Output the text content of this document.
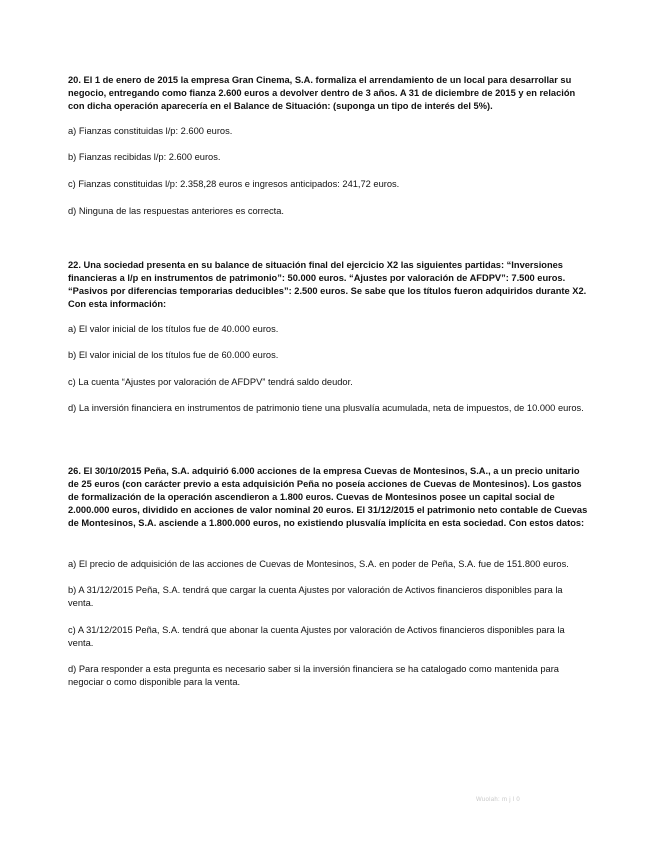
20. El 1 de enero de 2015 la empresa Gran Cinema, S.A. formaliza el arrendamiento de un local para desarrollar su negocio, entregando como fianza 2.600 euros a devolver dentro de 3 años. A 31 de diciembre de 2015 y en relación con dicha operación aparecería en el Balance de Situación: (suponga un tipo de interés del 5%).

a) Fianzas constituidas l/p: 2.600 euros.

b) Fianzas recibidas l/p: 2.600 euros.

c) Fianzas constituidas l/p: 2.358,28 euros e ingresos anticipados: 241,72 euros.

d) Ninguna de las respuestas anteriores es correcta.

22. Una sociedad presenta en su balance de situación final del ejercicio X2 las siguientes partidas: “Inversiones financieras a l/p en instrumentos de patrimonio”: 50.000 euros. “Ajustes por valoración de AFDPV”: 7.500 euros. “Pasivos por diferencias temporarias deducibles”: 2.500 euros. Se sabe que los títulos fueron adquiridos durante X2. Con esta información:

a) El valor inicial de los títulos fue de 40.000 euros.

b) El valor inicial de los títulos fue de 60.000 euros.

c) La cuenta “Ajustes por valoración de AFDPV” tendrá saldo deudor.

d) La inversión financiera en instrumentos de patrimonio tiene una plusvalía acumulada, neta de impuestos, de 10.000 euros.

26. El 30/10/2015 Peña, S.A. adquirió 6.000 acciones de la empresa Cuevas de Montesinos, S.A., a un precio unitario de 25 euros (con carácter previo a esta adquisición Peña no poseía acciones de Cuevas de Montesinos). Los gastos de formalización de la operación ascendieron a 1.800 euros. Cuevas de Montesinos posee un capital social de 2.000.000 euros, dividido en acciones de valor nominal 20 euros. El 31/12/2015 el patrimonio neto contable de Cuevas de Montesinos, S.A. asciende a 1.800.000 euros, no existiendo plusvalía implícita en esta sociedad. Con estos datos:

a) El precio de adquisición de las acciones de Cuevas de Montesinos, S.A. en poder de Peña, S.A. fue de 151.800 euros.

b) A 31/12/2015 Peña, S.A. tendrá que cargar la cuenta Ajustes por valoración de Activos financieros disponibles para la venta.

c) A 31/12/2015 Peña, S.A. tendrá que abonar la cuenta Ajustes por valoración de Activos financieros disponibles para la venta.

d) Para responder a esta pregunta es necesario saber si la inversión financiera se ha catalogado como mantenida para negociar o como disponible para la venta.

Wuolah: m j l 0
